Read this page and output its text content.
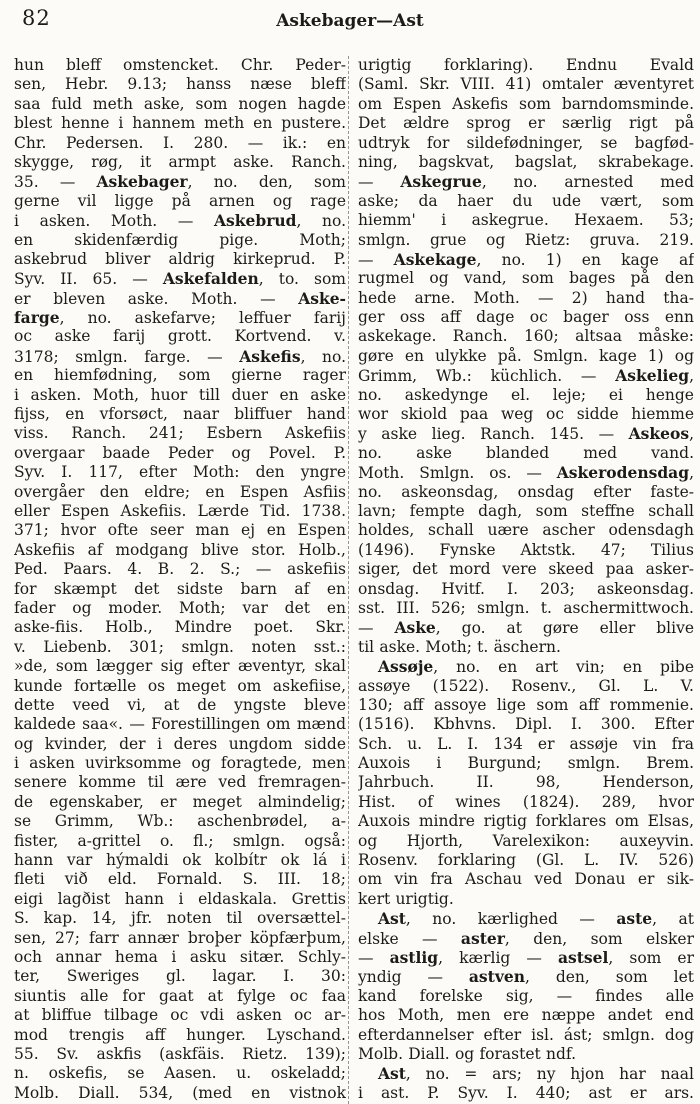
82	Askebager—Ast
hun bleff omstencket. Chr. Peder-
sen, Hebr. 9.13; hanss næse bleff
saa fuld meth aske, som nogen hagde
blest henne i hannem meth en pustere.
Chr. Pedersen. I. 280. — ik.: en
skygge, røg, it armpt aske. Ranch.
35. — Askebager, no. den, som
gerne vil ligge på arnen og rage
i asken. Moth. — Askebrud, no.
en skidenfærdig pige. Moth;
askebrud bliver aldrig kirkeprud. P.
Syv. II. 65. — Askefalden, to. som
er bleven aske. Moth. — Aske-
farge, no. askefarve; leffuer farij
oc aske farij grott. Kortvend. v.
3178; smlgn. farge. — Askefis, no.
en hiemfødning, som gierne rager
i asken. Moth, huor till duer en aske
fijss, en vforsøct, naar bliffuer hand
viss. Ranch. 241; Esbern Askefiis
overgaar baade Peder og Povel. P.
Syv. I. 117, efter Moth: den yngre
overgåer den eldre; en Espen Asfiis
eller Espen Askefiis. Lærde Tid. 1738.
371; hvor ofte seer man ej en Espen
Askefiis af modgang blive stor. Holb.,
Ped. Paars. 4. B. 2. S.; — askefiis
for skæmpt det sidste barn af en
fader og moder. Moth; var det en
aske-fiis. Holb., Mindre poet. Skr.
v. Liebenb. 301; smlgn. noten sst.:
»de, som lægger sig efter æventyr, skal
kunde fortælle os meget om askefiise,
dette veed vi, at de yngste bleve
kaldede saa«. — Forestillingen om mænd
og kvinder, der i deres ungdom sidde
i asken uvirksomme og foragtede, men
senere komme til ære ved fremragen-
de egenskaber, er meget almindelig;
se Grimm, Wb.: aschenbrødel, a-
fister, a-grittel o. fl.; smlgn. også:
hann var hýmaldi ok kolbítr ok lá i
fleti við eld. Fornald. S. III. 18;
eigi lagðist hann i eldaskala. Grettis
S. kap. 14, jfr. noten til oversættel-
sen, 27; farr annær broþer köpfærþum,
och annar hema i asku sitær. Schly-
ter, Sweriges gl. lagar. I. 30:
siuntis alle for gaat at fylge oc faa
at bliffue tilbage oc vdi asken oc ar-
mod trengis aff hunger. Lyschand.
55. Sv. askfis (askfäis. Rietz. 139);
n. oskefis, se Aasen. u. oskeladd;
Molb. Diall. 534, (med en vistnok
urigtig forklaring). Endnu Evald
(Saml. Skr. VIII. 41) omtaler æventyret
om Espen Askefis som barndomsminde.
Det ældre sprog er særlig rigt på
udtryk for sildefødninger, se bagfød-
ning, bagskvat, bagslat, skrabekage.
— Askegrue, no. arnested med
aske; da haer du ude vært, som
hiemm' i askegrue. Hexaem. 53;
smlgn. grue og Rietz: gruva. 219.
— Askekage, no. 1) en kage af
rugmel og vand, som bages på den
hede arne. Moth. — 2) hand tha-
ger oss aff dage oc bager oss enn
askekage. Ranch. 160; altsaa måske:
gøre en ulykke på. Smlgn. kage 1) og
Grimm, Wb.: küchlich. — Askelieg,
no. askedynge el. leje; ei henge
wor skiold paa weg oc sidde hiemme
y aske lieg. Ranch. 145. — Askeos,
no. aske blanded med vand.
Moth. Smlgn. os. — Askerodensdag,
no. askeonsdag, onsdag efter faste-
lavn; fempte dagh, som steffne schall
holdes, schall uære ascher odensdagh
(1496). Fynske Aktstk. 47; Tilius
siger, det mord vere skeed paa asker-
onsdag. Hvitf. I. 203; askeonsdag.
sst. III. 526; smlgn. t. aschermittwoch.
— Aske, go. at gøre eller blive
til aske. Moth; t. äschern.
Assøje, no. en art vin; en pibe
assøye (1522). Rosenv., Gl. L. V.
130; aff assoye lige som aff rommenie.
(1516). Kbhvns. Dipl. I. 300. Efter
Sch. u. L. I. 134 er assøje vin fra
Auxois i Burgund; smlgn. Brem.
Jahrbuch. II. 98, Henderson,
Hist. of wines (1824). 289, hvor
Auxois mindre rigtig forklares om Elsas,
og Hjorth, Varelexikon: auxeyvin.
Rosenv. forklaring (Gl. L. IV. 526)
om vin fra Aschau ved Donau er sik-
kert urigtig.
Ast, no. kærlighed — aste, at
elske — aster, den, som elsker
— astlig, kærlig — astsel, som er
yndig — astven, den, som let
kand forelske sig, — findes alle
hos Moth, men ere næppe andet end
efterdannelser efter isl. ást; smlgn. dog
Molb. Diall. og forastet ndf.
Ast, no. = ars; ny hjon har naal
i ast. P. Syv. I. 440; ast er ars.
